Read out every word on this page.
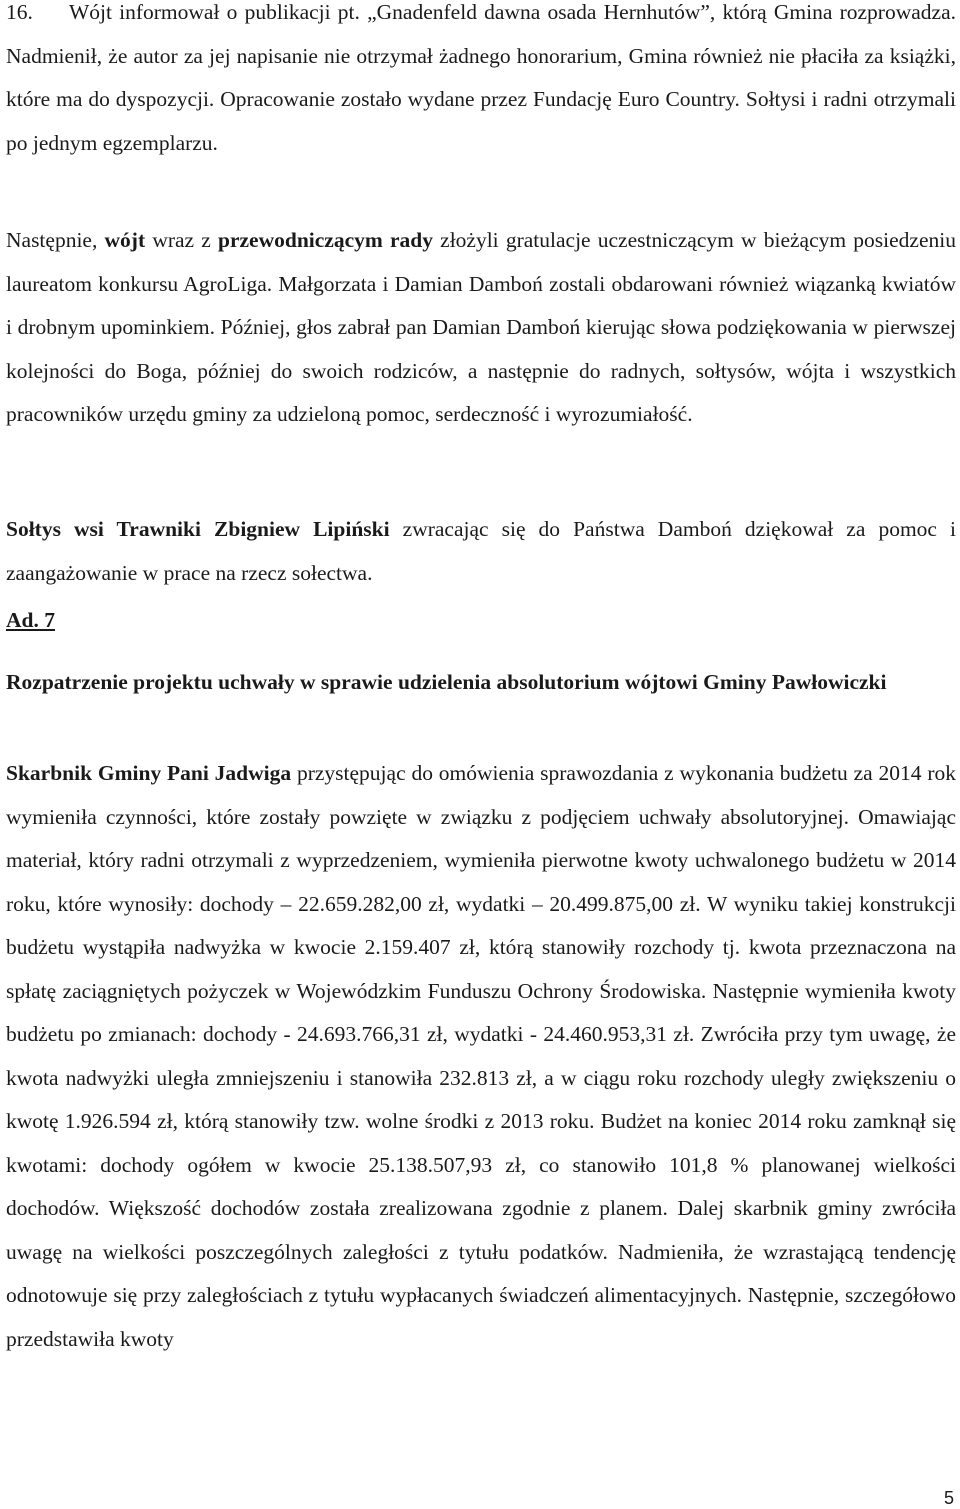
16. Wójt informował o publikacji pt. „Gnadenfeld dawna osada Hernhutów”, którą Gmina rozprowadza. Nadmienił, że autor za jej napisanie nie otrzymał żadnego honorarium, Gmina również nie płaciła za książki, które ma do dyspozycji. Opracowanie zostało wydane przez Fundację Euro Country. Sołtysi i radni otrzymali po jednym egzemplarzu.

Następnie, wójt wraz z przewodniczącym rady złożyli gratulacje uczestniczącym w bieżącym posiedzeniu laureatom konkursu AgroLiga. Małgorzata i Damian Damboń zostali obdarowani również wiązanką kwiatów i drobnym upominkiem. Później, głos zabrał pan Damian Damboń kierując słowa podziękowania w pierwszej kolejności do Boga, później do swoich rodziców, a następnie do radnych, sołtysów, wójta i wszystkich pracowników urzędu gminy za udzieloną pomoc, serdeczność i wyrozumiałość.

Sołtys wsi Trawniki Zbigniew Lipiński zwracając się do Państwa Damboń dziękował za pomoc i zaangażowanie w prace na rzecz sołectwa.

Ad. 7

Rozpatrzenie projektu uchwały w sprawie udzielenia absolutorium wójtowi Gminy Pawłowiczki

Skarbnik Gminy Pani Jadwiga przystępując do omówienia sprawozdania z wykonania budżetu za 2014 rok wymieniła czynności, które zostały powzięte w związku z podjęciem uchwały absolutoryjnej. Omawiając materiał, który radni otrzymali z wyprzedzeniem, wymieniła pierwotne kwoty uchwalonego budżetu w 2014 roku, które wynosiły: dochody – 22.659.282,00 zł, wydatki – 20.499.875,00 zł. W wyniku takiej konstrukcji budżetu wystąpiła nadwyżka w kwocie 2.159.407 zł, którą stanowiły rozchody tj. kwota przeznaczona na spłatę zaciągniętych pożyczek w Wojewódzkim Funduszu Ochrony Środowiska. Następnie wymieniła kwoty budżetu po zmianach: dochody - 24.693.766,31 zł, wydatki - 24.460.953,31 zł. Zwróciła przy tym uwagę, że kwota nadwyżki uległa zmniejszeniu i stanowiła 232.813 zł, a w ciągu roku rozchody uległy zwiększeniu o kwotę 1.926.594 zł, którą stanowiły tzw. wolne środki z 2013 roku. Budżet na koniec 2014 roku zamknął się kwotami: dochody ogółem w kwocie 25.138.507,93 zł, co stanowiło 101,8 % planowanej wielkości dochodów. Większość dochodów została zrealizowana zgodnie z planem. Dalej skarbnik gminy zwróciła uwagę na wielkości poszczególnych zaległości z tytułu podatków. Nadmieniła, że wzrastającą tendencję odnotowuje się przy zaległościach z tytułu wypłacanych świadczeń alimentacyjnych. Następnie, szczegółowo przedstawiła kwoty

5
